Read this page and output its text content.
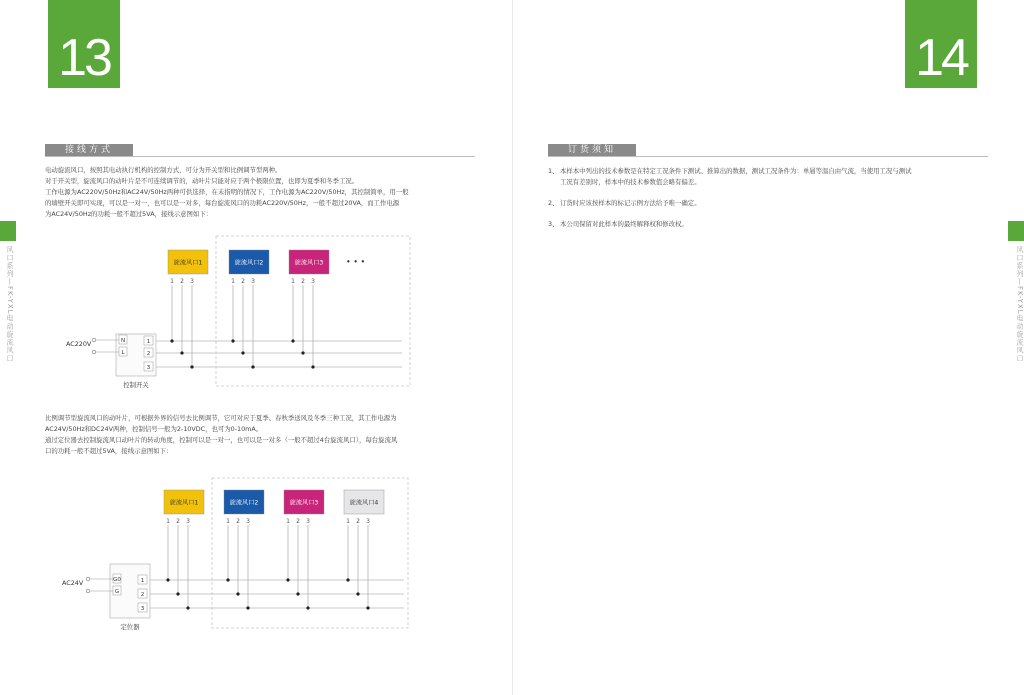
13
风口系列—FK-YXL电动旋流风口
接线方式
电动旋流风口，按照其电动执行机构的控制方式，可分为开关型和比例调节型两种。
对于开关型，旋流风口的动叶片是不可连续调节的，动叶片只能对应于两个极限位置，也即为夏季和冬季工况。
工作电源为AC220V/50Hz和AC24V/50Hz两种可供选择，在未指明的情况下，工作电源为AC220V/50Hz，其控制简单，用一般
的墙壁开关即可实现，可以是一对一，也可以是一对多，每台旋流风口的功耗AC220V/50Hz，一般不超过20VA，而工作电源
为AC24V/50Hz的功耗一般不超过5VA，接线示意图如下：
旋流风口1
1 2 3
旋流风口2
1 2 3
旋流风口3
1 2 3
• • •
N
L
1
2
3
AC220V
控制开关
比例调节型旋流风口的动叶片，可根据外界的信号去比例调节，它可对应于夏季、春秋季送风及冬季三种工况，其工作电源为
AC24V/50Hz和DC24V两种，控制信号一般为2-10VDC，也可为0-10mA。
通过定位器去控制旋流风口动叶片的转动角度，控制可以是一对一，也可以是一对多（一般不超过4台旋流风口），每台旋流风
口的功耗一般不超过5VA，接线示意图如下：
旋流风口1
1 2 3
旋流风口2
1 2 3
旋流风口3
1 2 3
旋流风口4
1 2 3
G0
G
1
2
3
AC24V
定位器
14
风口系列—FK-YXL电动旋流风口
订货须知
1、 本样本中列出的技术参数是在特定工况条件下测试、推算出的数据，测试工况条件为：单層等温自由气流，当使用工况与测试
工况有差别时，样本中的技术参数值会略有偏差。
2、 订货时应该按样本的标记示例方法给予唯一确定。
3、 本公司保留对此样本的最终解释权和修改权。
